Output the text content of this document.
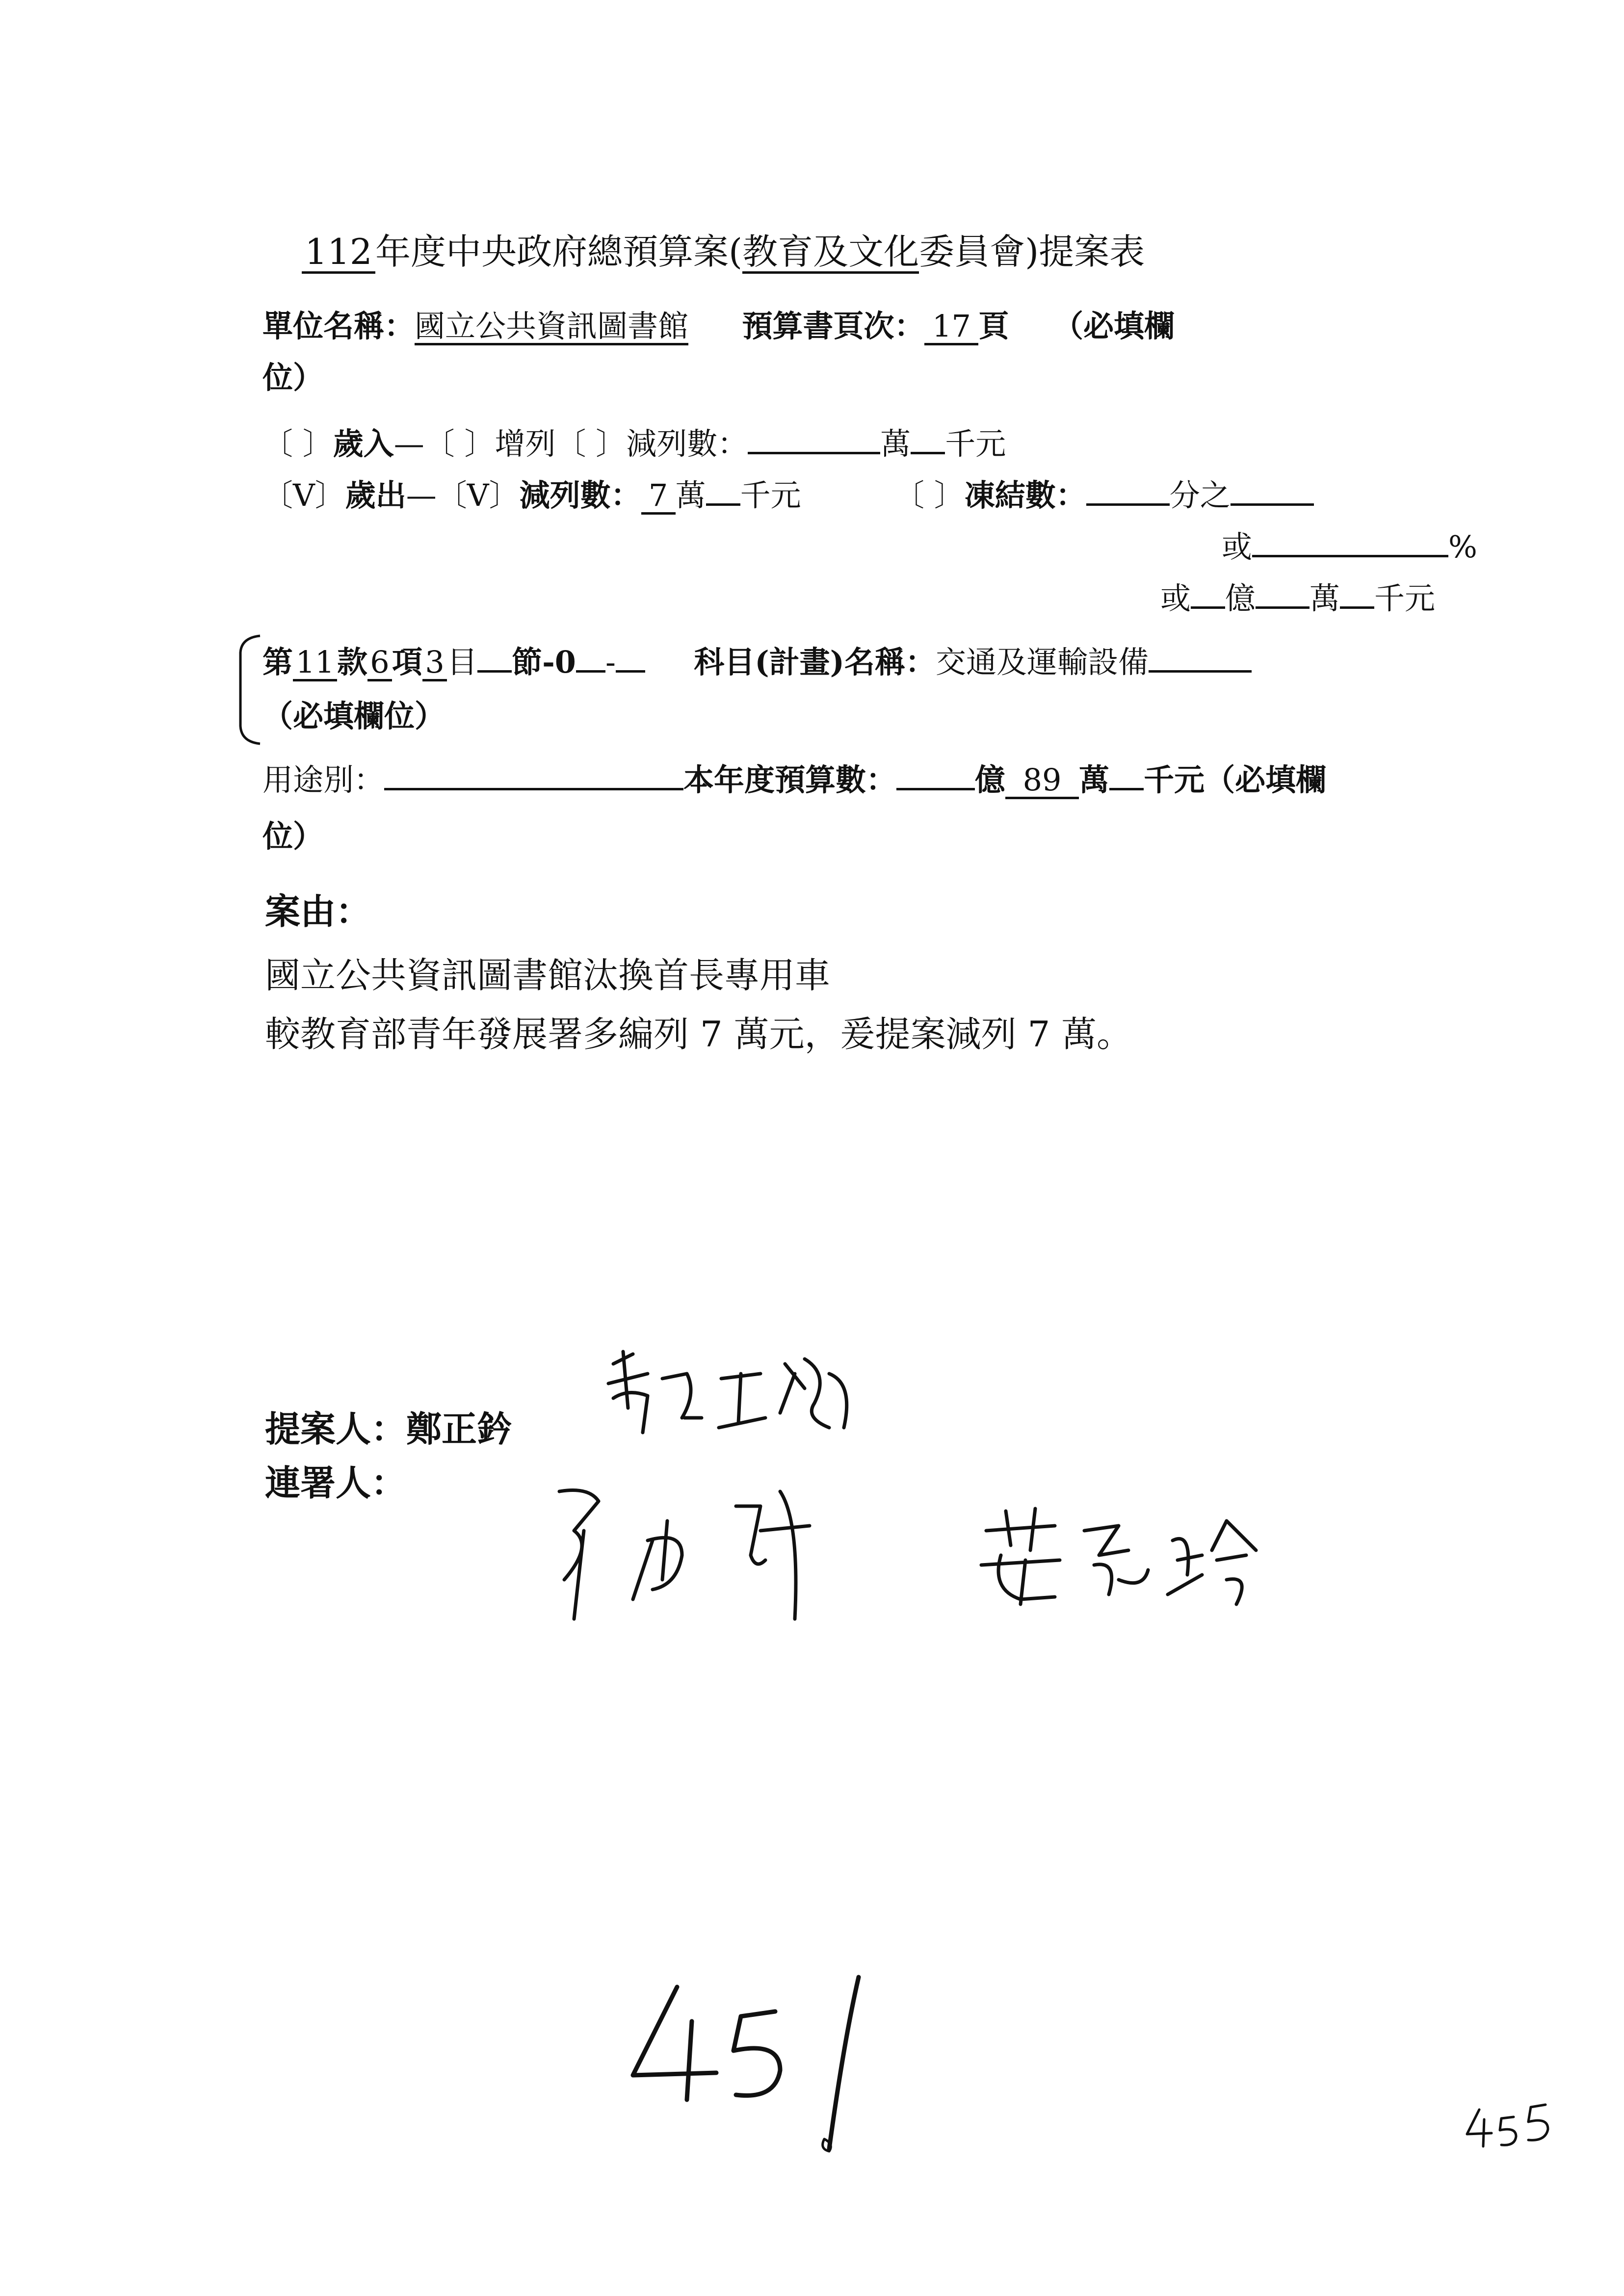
112年度中央政府總預算案(教育及文化委員會)提案表
單位名稱：國立公共資訊圖書館 預算書頁次： 17 頁 （必填欄
位）
〔 〕歲入—〔 〕增列〔 〕減列數：	萬 千元
〔V〕歲出—〔V〕減列數： 7 萬 千元	〔 〕凍結數：	分之
或	%
或 億 萬 千元
第11款6項3目 節-0 -	科目(計畫)名稱：交通及運輸設備
（必填欄位）
用途別：	本年度預算數：	億 89 萬 千元（必填欄
位）
案由：
國立公共資訊圖書館汰換首長專用車
較教育部青年發展署多編列 7 萬元，爰提案減列 7 萬。
提案人：鄭正鈐
連署人：
